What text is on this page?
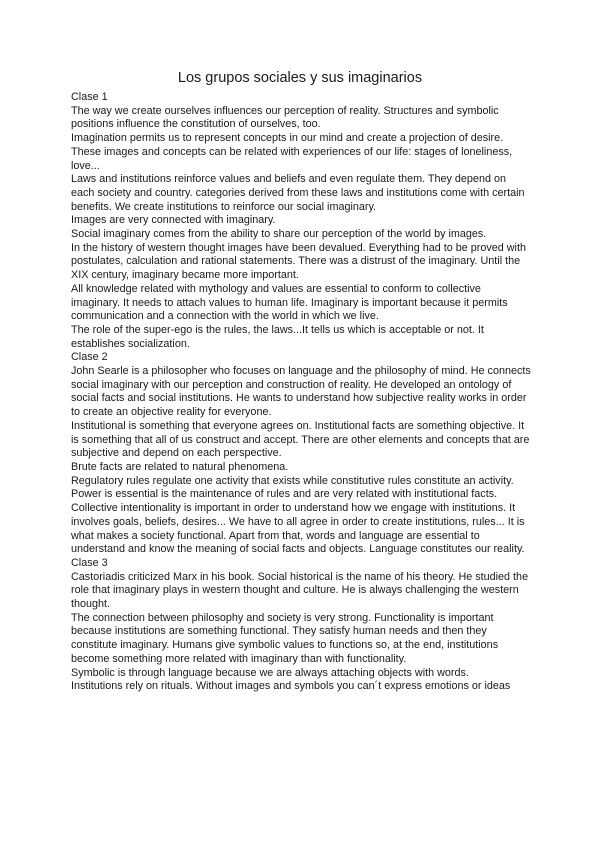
Los grupos sociales y sus imaginarios
Clase 1

The way we create ourselves influences our perception of reality. Structures and symbolic positions influence the constitution of ourselves, too.

Imagination permits us to represent concepts in our mind and create a projection of desire. These images and concepts can be related with experiences of our life: stages of loneliness, love...

Laws and institutions reinforce values and beliefs and even regulate them. They depend on each society and country. categories derived from these laws and institutions come with certain benefits. We create institutions to reinforce our social imaginary.

Images are very connected with imaginary.

Social imaginary comes from the ability to share our perception of the world by images.

In the history of western thought images have been devalued. Everything had to be proved with postulates, calculation and rational statements. There was a distrust of the imaginary. Until the XIX century, imaginary became more important.

All knowledge related with mythology and values are essential to conform to collective imaginary. It needs to attach values to human life. Imaginary is important because it permits communication and a connection with the world in which we live.

The role of the super-ego is the rules, the laws...It tells us which is acceptable or not. It establishes socialization.

Clase 2

John Searle is a philosopher who focuses on language and the philosophy of mind. He connects social imaginary with our perception and construction of reality. He developed an ontology of social facts and social institutions. He wants to understand how subjective reality works in order to create an objective reality for everyone.

Institutional is something that everyone agrees on. Institutional facts are something objective. It is something that all of us construct and accept. There are other elements and concepts that are subjective and depend on each perspective.

Brute facts are related to natural phenomena.

Regulatory rules regulate one activity that exists while constitutive rules constitute an activity.

Power is essential is the maintenance of rules and are very related with institutional facts.

Collective intentionality is important in order to understand how we engage with institutions. It involves goals, beliefs, desires... We have to all agree in order to create institutions, rules... It is what makes a society functional. Apart from that, words and language are essential to understand and know the meaning of social facts and objects. Language constitutes our reality.

Clase 3

Castoriadis criticized Marx in his book. Social historical is the name of his theory. He studied the role that imaginary plays in western thought and culture. He is always challenging the western thought.

The connection between philosophy and society is very strong. Functionality is important because institutions are something functional. They satisfy human needs and then they constitute imaginary. Humans give symbolic values to functions so, at the end, institutions become something more related with imaginary than with functionality.

Symbolic is through language because we are always attaching objects with words.

Institutions rely on rituals. Without images and symbols you can´t express emotions or ideas
